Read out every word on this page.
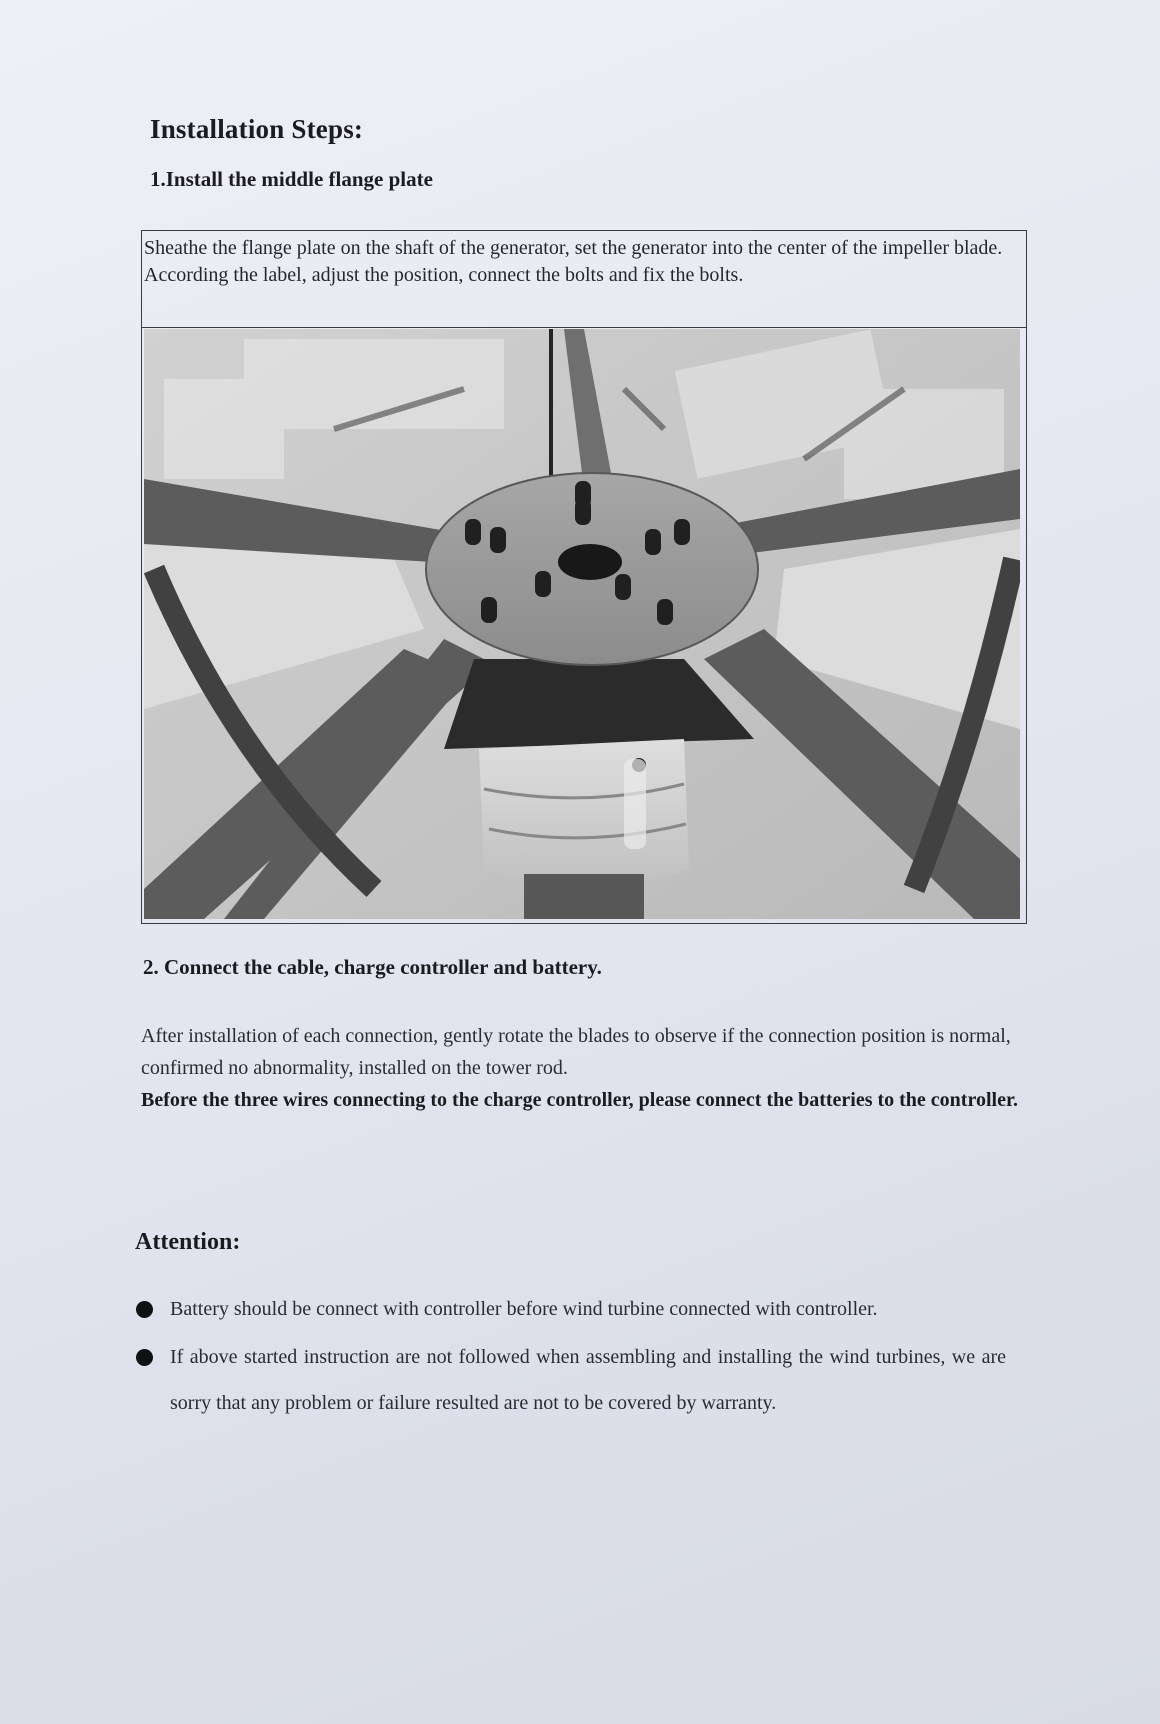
Installation Steps:
1.Install the middle flange plate
Sheathe the flange plate on the shaft of the generator, set the generator into the center of the impeller blade. According the label, adjust the position, connect the bolts and fix the bolts.
2. Connect the cable, charge controller and battery.
After installation of each connection, gently rotate the blades to observe if the connection position is normal, confirmed no abnormality, installed on the tower rod.
Before the three wires connecting to the charge controller, please connect the batteries to the controller.
Attention:
Battery should be connect with controller before wind turbine connected with controller.
If above started instruction are not followed when assembling and installing the wind turbines, we are sorry that any problem or failure resulted are not to be covered by warranty.
